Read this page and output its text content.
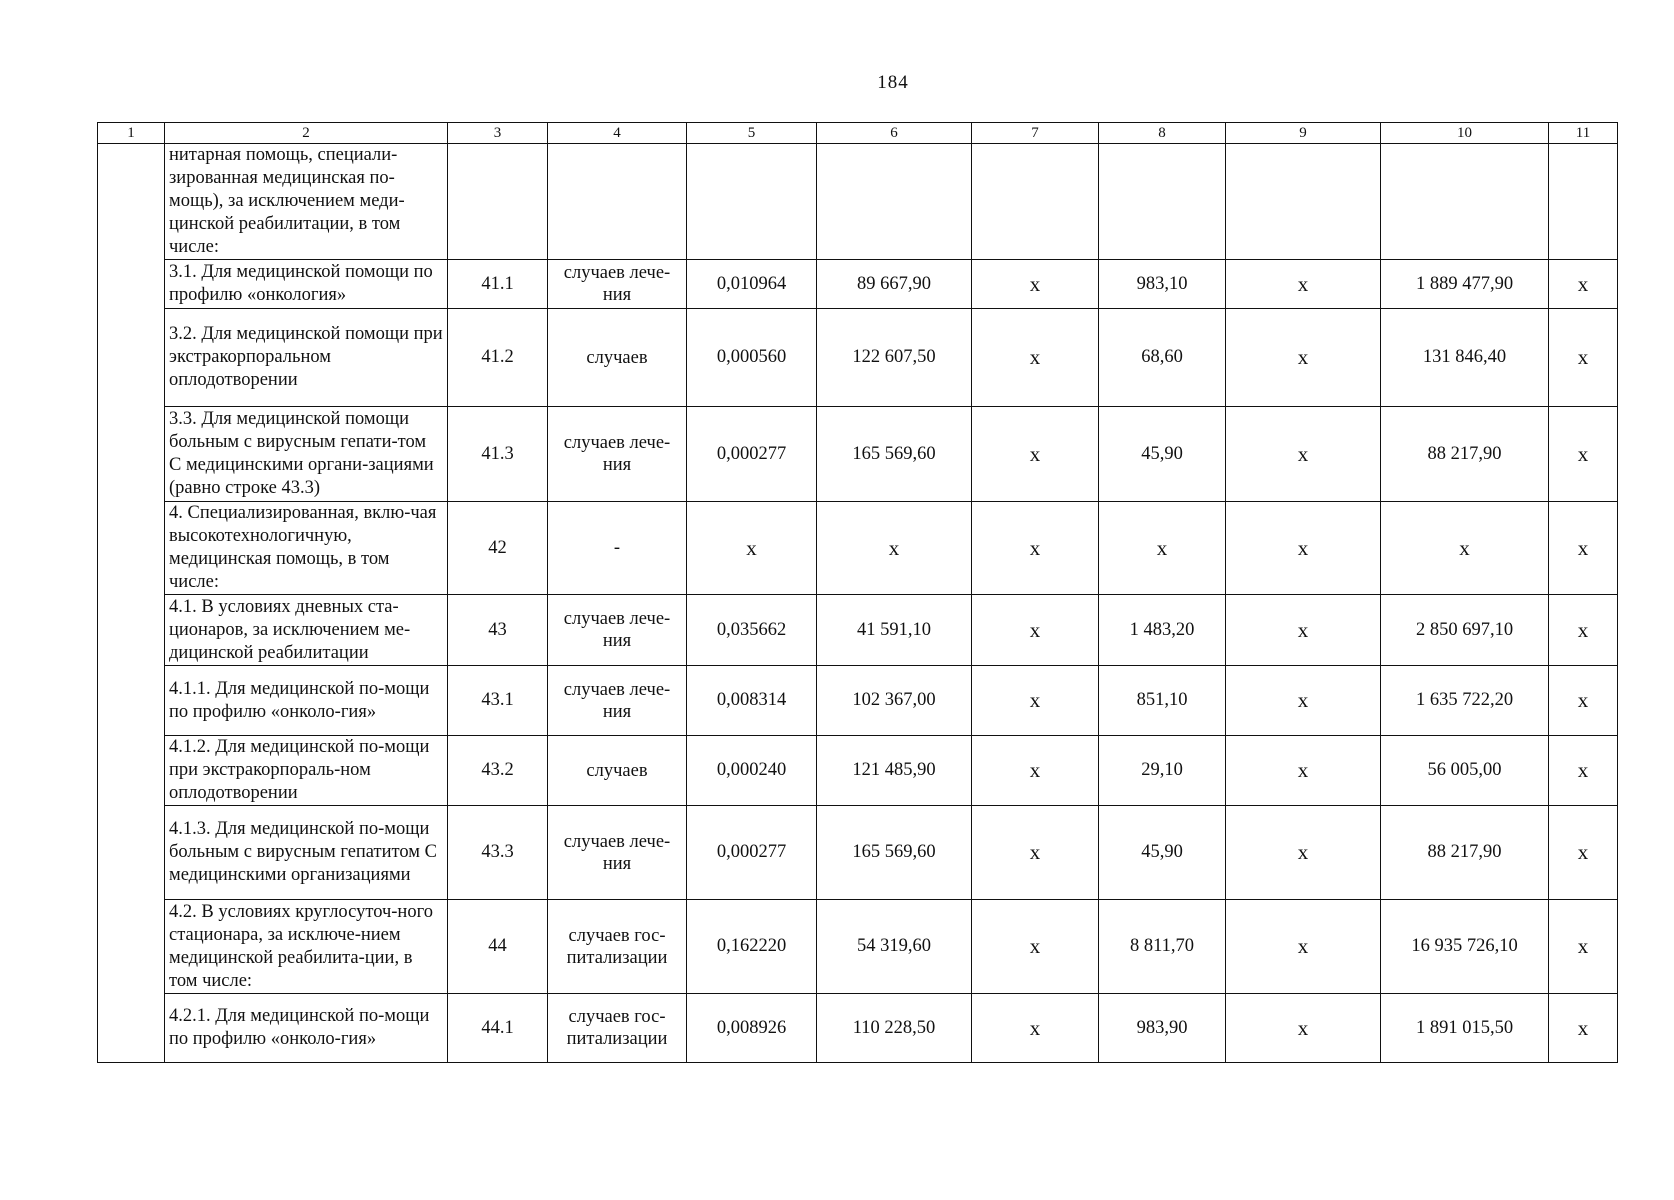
184
1	2	3	4	5	6	7	8	9	10	11
	нитарная помощь, специали-зированная медицинская по-мощь), за исключением меди-цинской реабилитации, в том числе:									
	3.1. Для медицинской помощи по профилю «онкология»	41.1	случаев лече-ния	0,010964	89 667,90	х	983,10	х	1 889 477,90	х
	3.2. Для медицинской помощи при экстракорпоральном оплодотворении	41.2	случаев	0,000560	122 607,50	х	68,60	х	131 846,40	х
	3.3. Для медицинской помощи больным с вирусным гепати-том С медицинскими органи-зациями (равно строке 43.3)	41.3	случаев лече-ния	0,000277	165 569,60	х	45,90	х	88 217,90	х
	4. Специализированная, вклю-чая высокотехнологичную, медицинская помощь, в том числе:	42	-	х	х	х	х	х	х	х
	4.1. В условиях дневных ста-ционаров, за исключением ме-дицинской реабилитации	43	случаев лече-ния	0,035662	41 591,10	х	1 483,20	х	2 850 697,10	х
	4.1.1. Для медицинской по-мощи по профилю «онколо-гия»	43.1	случаев лече-ния	0,008314	102 367,00	х	851,10	х	1 635 722,20	х
	4.1.2. Для медицинской по-мощи при экстракорпораль-ном оплодотворении	43.2	случаев	0,000240	121 485,90	х	29,10	х	56 005,00	х
	4.1.3. Для медицинской по-мощи больным с вирусным гепатитом С медицинскими организациями	43.3	случаев лече-ния	0,000277	165 569,60	х	45,90	х	88 217,90	х
	4.2. В условиях круглосуточ-ного стационара, за исключе-нием медицинской реабилита-ции, в том числе:	44	случаев гос-питализации	0,162220	54 319,60	х	8 811,70	х	16 935 726,10	х
	4.2.1. Для медицинской по-мощи по профилю «онколо-гия»	44.1	случаев гос-питализации	0,008926	110 228,50	х	983,90	х	1 891 015,50	х
